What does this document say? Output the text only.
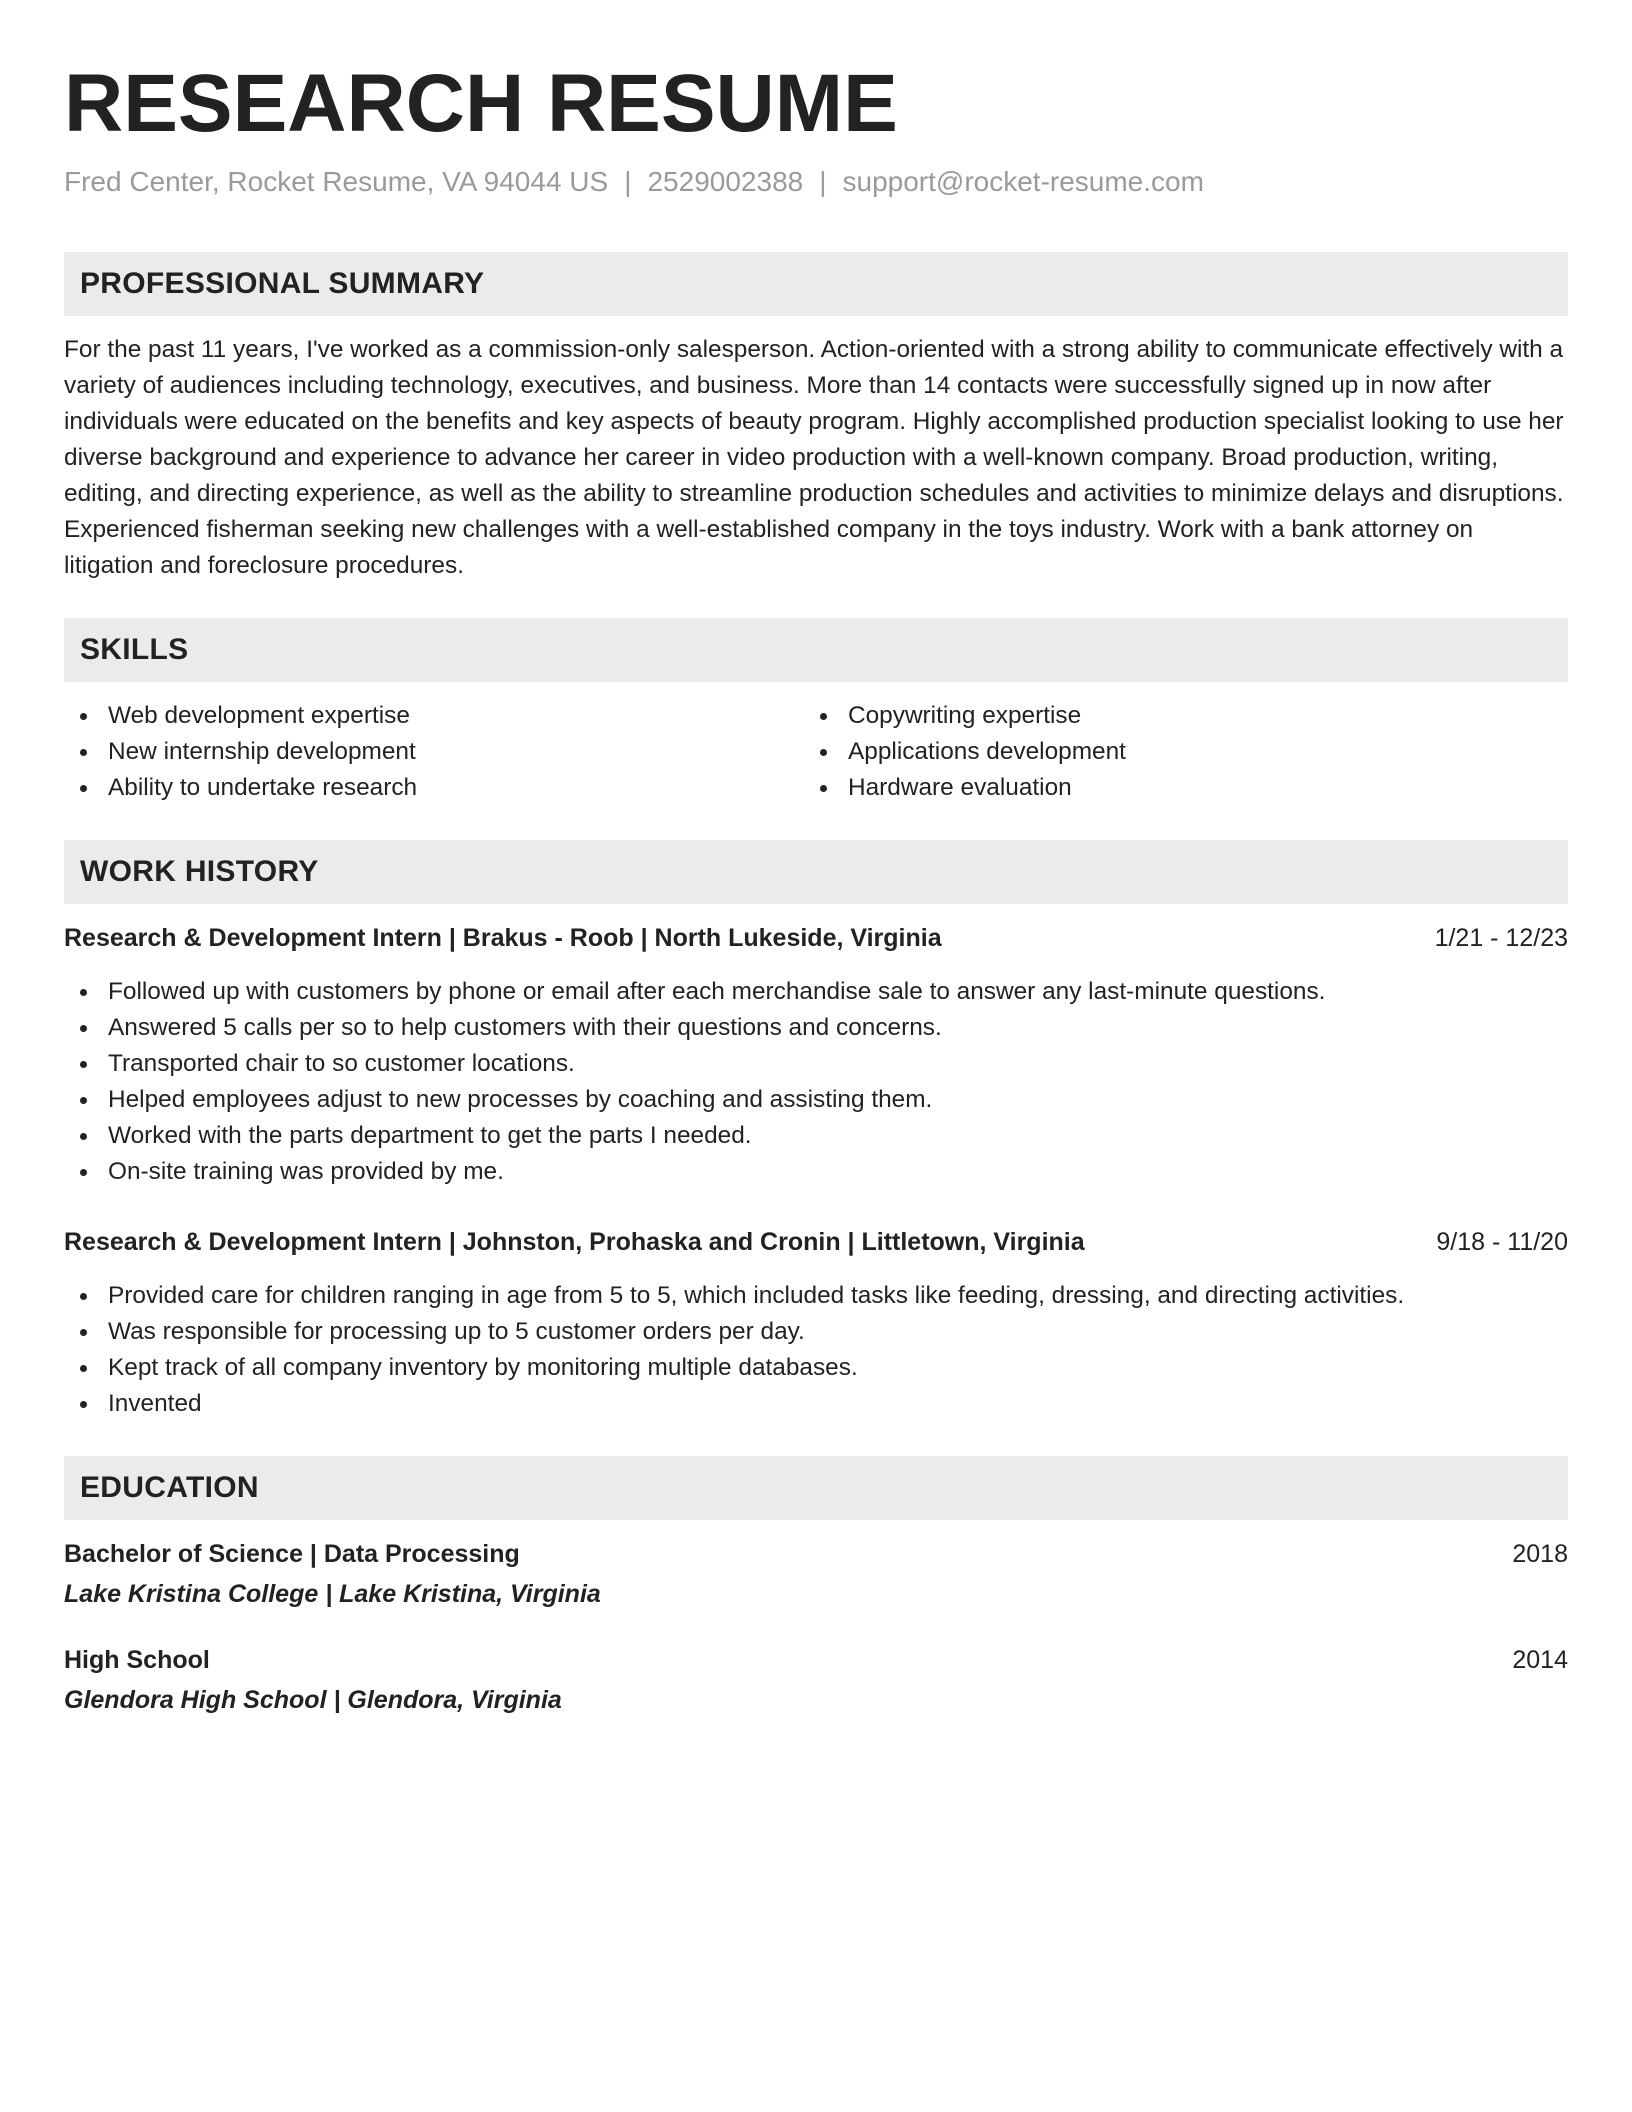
RESEARCH RESUME
Fred Center, Rocket Resume, VA 94044 US | 2529002388 | support@rocket-resume.com
PROFESSIONAL SUMMARY

For the past 11 years, I've worked as a commission-only salesperson. Action-oriented with a strong ability to communicate effectively with a variety of audiences including technology, executives, and business. More than 14 contacts were successfully signed up in now after individuals were educated on the benefits and key aspects of beauty program. Highly accomplished production specialist looking to use her diverse background and experience to advance her career in video production with a well-known company. Broad production, writing, editing, and directing experience, as well as the ability to streamline production schedules and activities to minimize delays and disruptions. Experienced fisherman seeking new challenges with a well-established company in the toys industry. Work with a bank attorney on litigation and foreclosure procedures.

SKILLS
Web development expertise
New internship development
Ability to undertake research
Copywriting expertise
Applications development
Hardware evaluation
WORK HISTORY
Research & Development Intern | Brakus - Roob | North Lukeside, Virginia	1/21 - 12/23
Followed up with customers by phone or email after each merchandise sale to answer any last-minute questions.
Answered 5 calls per so to help customers with their questions and concerns.
Transported chair to so customer locations.
Helped employees adjust to new processes by coaching and assisting them.
Worked with the parts department to get the parts I needed.
On-site training was provided by me.
Research & Development Intern | Johnston, Prohaska and Cronin | Littletown, Virginia	9/18 - 11/20
Provided care for children ranging in age from 5 to 5, which included tasks like feeding, dressing, and directing activities.
Was responsible for processing up to 5 customer orders per day.
Kept track of all company inventory by monitoring multiple databases.
Invented
EDUCATION
Bachelor of Science | Data Processing	2018
Lake Kristina College | Lake Kristina, Virginia
High School	2014
Glendora High School | Glendora, Virginia
